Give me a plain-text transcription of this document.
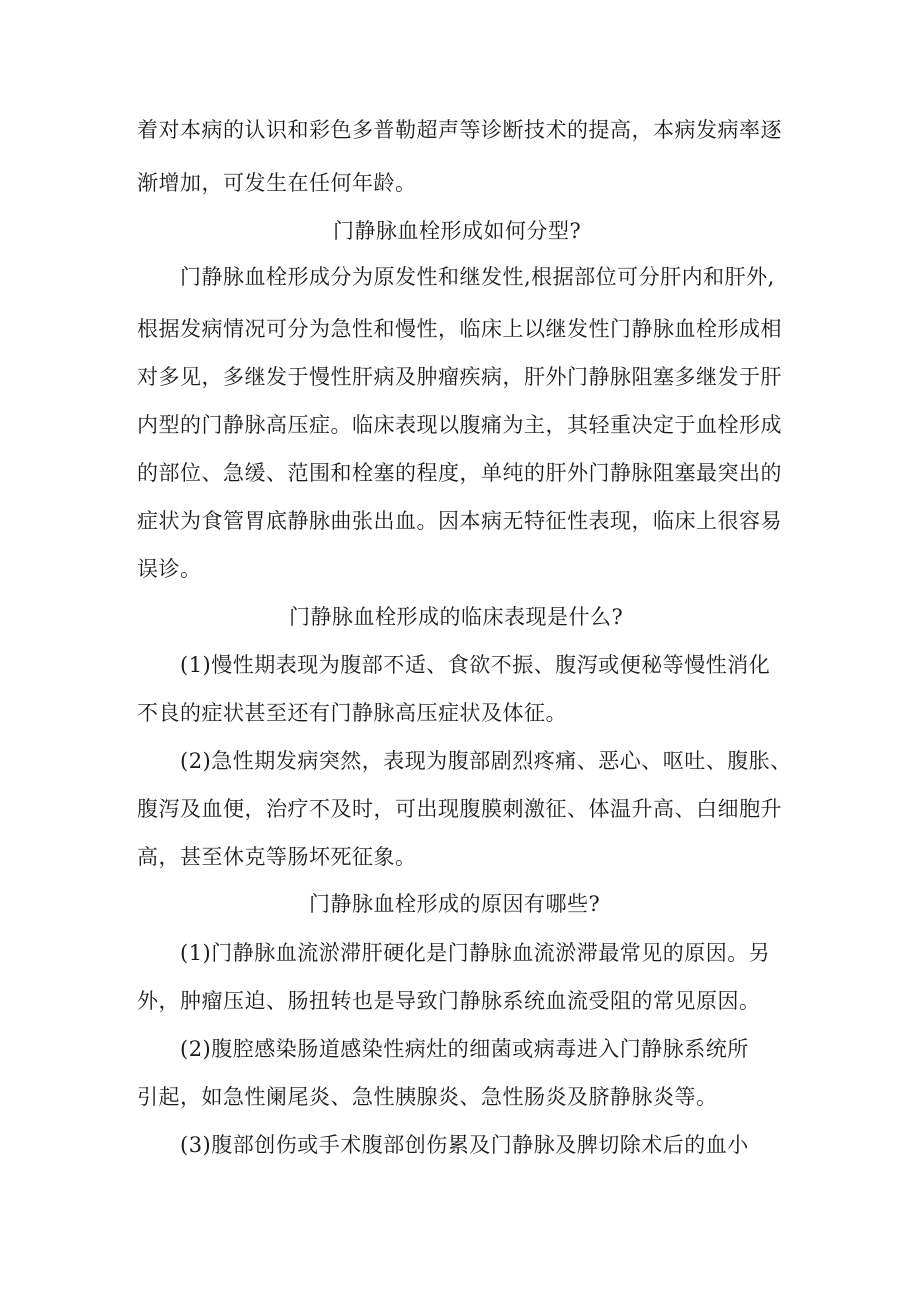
着对本病的认识和彩色多普勒超声等诊断技术的提高，本病发病率逐
渐增加，可发生在任何年龄。
门静脉血栓形成如何分型?
门静脉血栓形成分为原发性和继发性,根据部位可分肝内和肝外,
根据发病情况可分为急性和慢性，临床上以继发性门静脉血栓形成相
对多见，多继发于慢性肝病及肿瘤疾病，肝外门静脉阻塞多继发于肝
内型的门静脉高压症。临床表现以腹痛为主，其轻重决定于血栓形成
的部位、急缓、范围和栓塞的程度，单纯的肝外门静脉阻塞最突出的
症状为食管胃底静脉曲张出血。因本病无特征性表现，临床上很容易
误诊。
门静脉血栓形成的临床表现是什么?
(1)慢性期表现为腹部不适、食欲不振、腹泻或便秘等慢性消化
不良的症状甚至还有门静脉高压症状及体征。
(2)急性期发病突然，表现为腹部剧烈疼痛、恶心、呕吐、腹胀、
腹泻及血便，治疗不及时，可出现腹膜刺激征、体温升高、白细胞升
高，甚至休克等肠坏死征象。
门静脉血栓形成的原因有哪些?
(1)门静脉血流淤滞肝硬化是门静脉血流淤滞最常见的原因。另
外，肿瘤压迫、肠扭转也是导致门静脉系统血流受阻的常见原因。
(2)腹腔感染肠道感染性病灶的细菌或病毒进入门静脉系统所
引起，如急性阑尾炎、急性胰腺炎、急性肠炎及脐静脉炎等。
(3)腹部创伤或手术腹部创伤累及门静脉及脾切除术后的血小
